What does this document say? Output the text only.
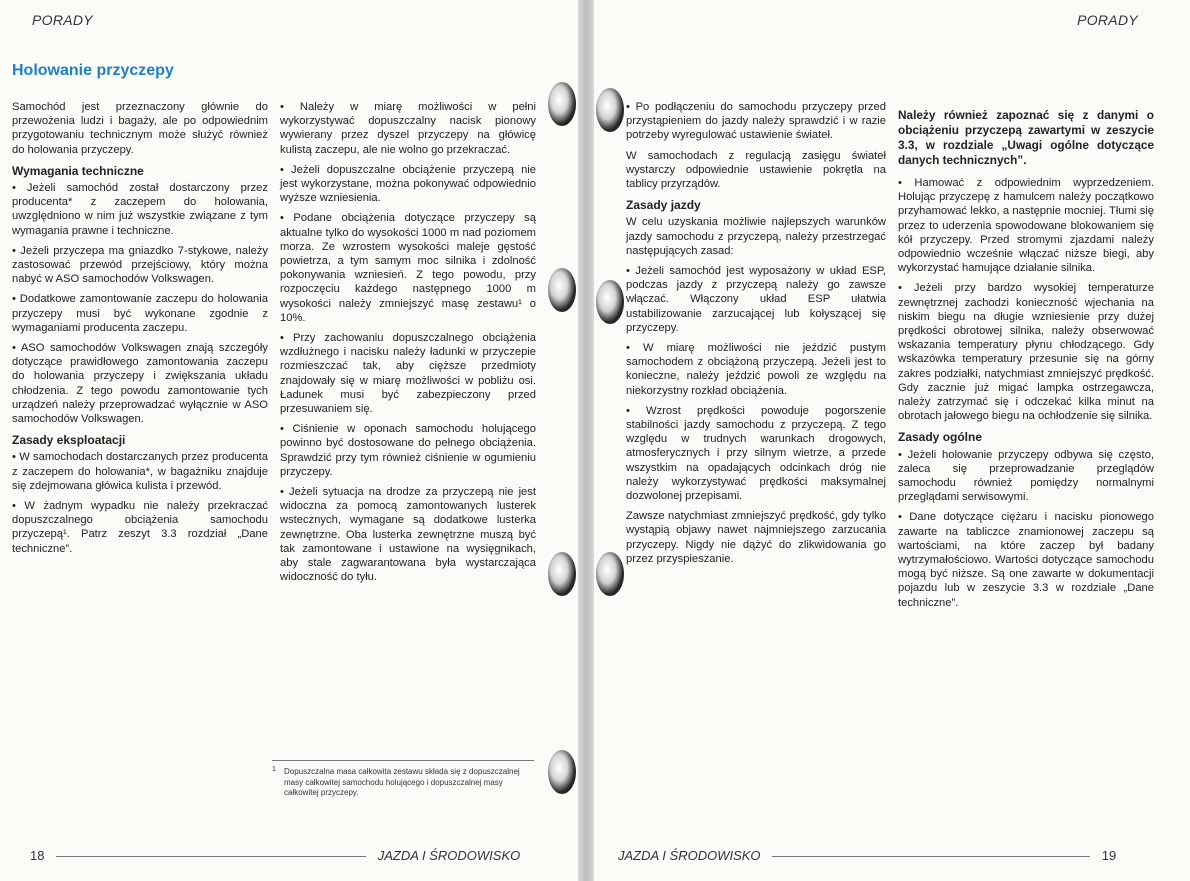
PORADY
Holowanie przyczepy

Samochód jest przeznaczony głównie do przewożenia ludzi i bagaży, ale po odpowiednim przygotowaniu technicznym może służyć również do holowania przyczepy.

Wymagania techniczne

• Jeżeli samochód został dostarczony przez producenta* z zaczepem do holowania, uwzględniono w nim już wszystkie związane z tym wymagania prawne i techniczne.

• Jeżeli przyczepa ma gniazdko 7-stykowe, należy zastosować przewód przejściowy, który można nabyć w ASO samochodów Volkswagen.

• Dodatkowe zamontowanie zaczepu do holowania przyczepy musi być wykonane zgodnie z wymaganiami producenta zaczepu.

• ASO samochodów Volkswagen znają szczegóły dotyczące prawidłowego zamontowania zaczepu do holowania przyczepy i zwiększania układu chłodzenia. Z tego powodu zamontowanie tych urządzeń należy przeprowadzać wyłącznie w ASO samochodów Volkswagen.

Zasady eksploatacji

• W samochodach dostarczanych przez producenta z zaczepem do holowania*, w bagażniku znajduje się zdejmowana główica kulista i przewód.

• W żadnym wypadku nie należy przekraczać dopuszczalnego obciążenia samochodu przyczepą¹. Patrz zeszyt 3.3 rozdział „Dane techniczne”.

• Należy w miarę możliwości w pełni wykorzystywać dopuszczalny nacisk pionowy wywierany przez dyszel przyczepy na główicę kulistą zaczepu, ale nie wolno go przekraczać.

• Jeżeli dopuszczalne obciążenie przyczepą nie jest wykorzystane, można pokonywać odpowiednio wyższe wzniesienia.

• Podane obciążenia dotyczące przyczepy są aktualne tylko do wysokości 1000 m nad poziomem morza. Ze wzrostem wysokości maleje gęstość powietrza, a tym samym moc silnika i zdolność pokonywania wzniesień. Z tego powodu, przy rozpoczęciu każdego następnego 1000 m wysokości należy zmniejszyć masę zestawu¹ o 10%.

• Przy zachowaniu dopuszczalnego obciążenia wzdłużnego i nacisku należy ładunki w przyczepie rozmieszczać tak, aby cięższe przedmioty znajdowały się w miarę możliwości w pobliżu osi. Ładunek musi być zabezpieczony przed przesuwaniem się.

• Ciśnienie w oponach samochodu holującego powinno być dostosowane do pełnego obciążenia. Sprawdzić przy tym również ciśnienie w ogumieniu przyczepy.

• Jeżeli sytuacja na drodze za przyczepą nie jest widoczna za pomocą zamontowanych lusterek wstecznych, wymagane są dodatkowe lusterka zewnętrzne. Oba lusterka zewnętrzne muszą być tak zamontowane i ustawione na wysięgnikach, aby stale zagwarantowana była wystarczająca widoczność do tyłu.

1 Dopuszczalna masa całkowita zestawu składa się z dopuszczalnej masy całkowitej samochodu holującego i dopuszczalnej masy całkowitej przyczepy.
18	JAZDA I ŚRODOWISKO
PORADY

• Po podłączeniu do samochodu przyczepy przed przystąpieniem do jazdy należy sprawdzić i w razie potrzeby wyregulować ustawienie świateł.

W samochodach z regulacją zasięgu świateł wystarczy odpowiednie ustawienie pokrętła na tablicy przyrządów.

Zasady jazdy

W celu uzyskania możliwie najlepszych warunków jazdy samochodu z przyczepą, należy przestrzegać następujących zasad:

• Jeżeli samochód jest wyposażony w układ ESP, podczas jazdy z przyczepą należy go zawsze włączać. Włączony układ ESP ułatwia ustabilizowanie zarzucającej lub kołyszącej się przyczepy.

• W miarę możliwości nie jeździć pustym samochodem z obciążoną przyczepą. Jeżeli jest to konieczne, należy jeździć powoli ze względu na niekorzystny rozkład obciążenia.

• Wzrost prędkości powoduje pogorszenie stabilności jazdy samochodu z przyczepą. Z tego względu w trudnych warunkach drogowych, atmosferycznych i przy silnym wietrze, a przede wszystkim na opadających odcinkach dróg nie należy wykorzystywać prędkości maksymalnej dozwolonej przepisami.

Zawsze natychmiast zmniejszyć prędkość, gdy tylko wystąpią objawy nawet najmniejszego zarzucania przyczepy. Nigdy nie dążyć do zlikwidowania go przez przyspieszanie.

Należy również zapoznać się z danymi o obciążeniu przyczepą zawartymi w zeszycie 3.3, w rozdziale „Uwagi ogólne dotyczące danych technicznych”.

• Hamować z odpowiednim wyprzedzeniem. Holując przyczepę z hamulcem należy początkowo przyhamować lekko, a następnie mocniej. Tłumi się przez to uderzenia spowodowane blokowaniem się kół przyczepy. Przed stromymi zjazdami należy odpowiednio wcześnie włączać niższe biegi, aby wykorzystać hamujące działanie silnika.

• Jeżeli przy bardzo wysokiej temperaturze zewnętrznej zachodzi konieczność wjechania na niskim biegu na długie wzniesienie przy dużej prędkości obrotowej silnika, należy obserwować wskazania temperatury płynu chłodzącego. Gdy wskazówka temperatury przesunie się na górny zakres podziałki, natychmiast zmniejszyć prędkość. Gdy zacznie już migać lampka ostrzegawcza, należy zatrzymać się i odczekać kilka minut na obrotach jałowego biegu na ochłodzenie się silnika.

Zasady ogólne

• Jeżeli holowanie przyczepy odbywa się często, zaleca się przeprowadzanie przeglądów samochodu również pomiędzy normalnymi przeglądami serwisowymi.

• Dane dotyczące ciężaru i nacisku pionowego zawarte na tabliczce znamionowej zaczepu są wartościami, na które zaczep był badany wytrzymałościowo. Wartości dotyczące samochodu mogą być niższe. Są one zawarte w dokumentacji pojazdu lub w zeszycie 3.3 w rozdziale „Dane techniczne”.

JAZDA I ŚRODOWISKO	19
